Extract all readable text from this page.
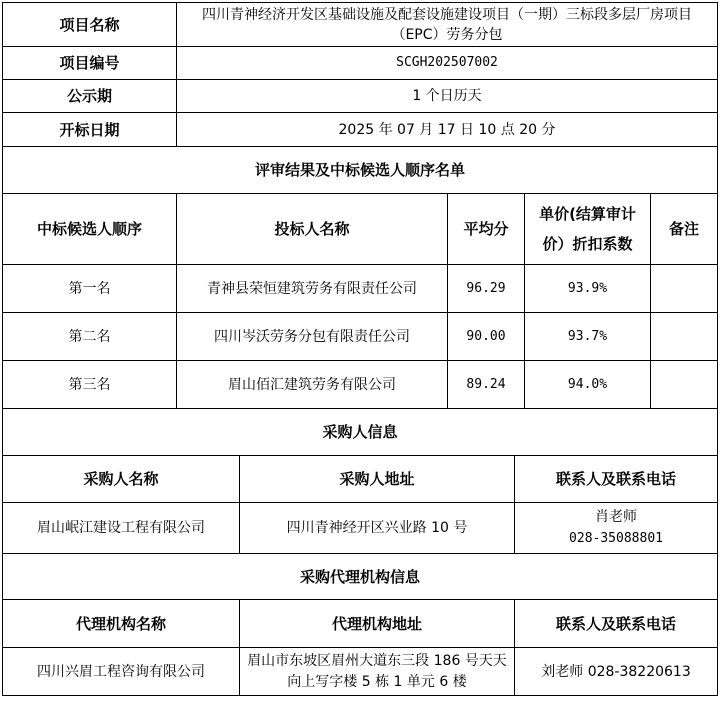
项目名称	四川青神经济开发区基础设施及配套设施建设项目（一期）三标段多层厂房项目（EPC）劳务分包
项目编号	SCGH202507002
公示期	1 个日历天
开标日期	2025 年 07 月 17 日 10 点 20 分
评审结果及中标候选人顺序名单				
中标候选人顺序	投标人名称	平均分	单价(结算审计价）折扣系数	备注
第一名	青神县荣恒建筑劳务有限责任公司	96.29	93.9%	
第二名	四川岑沃劳务分包有限责任公司	90.00	93.7%	
第三名	眉山佰汇建筑劳务有限公司	89.24	94.0%	
采购人信息		
采购人名称	采购人地址	联系人及联系电话
眉山岷江建设工程有限公司	四川青神经开区兴业路 10 号	肖老师
028-35088801
采购代理机构信息		
代理机构名称	代理机构地址	联系人及联系电话
四川兴眉工程咨询有限公司	眉山市东坡区眉州大道东三段 186 号天天向上写字楼 5 栋 1 单元 6 楼	刘老师 028-38220613
